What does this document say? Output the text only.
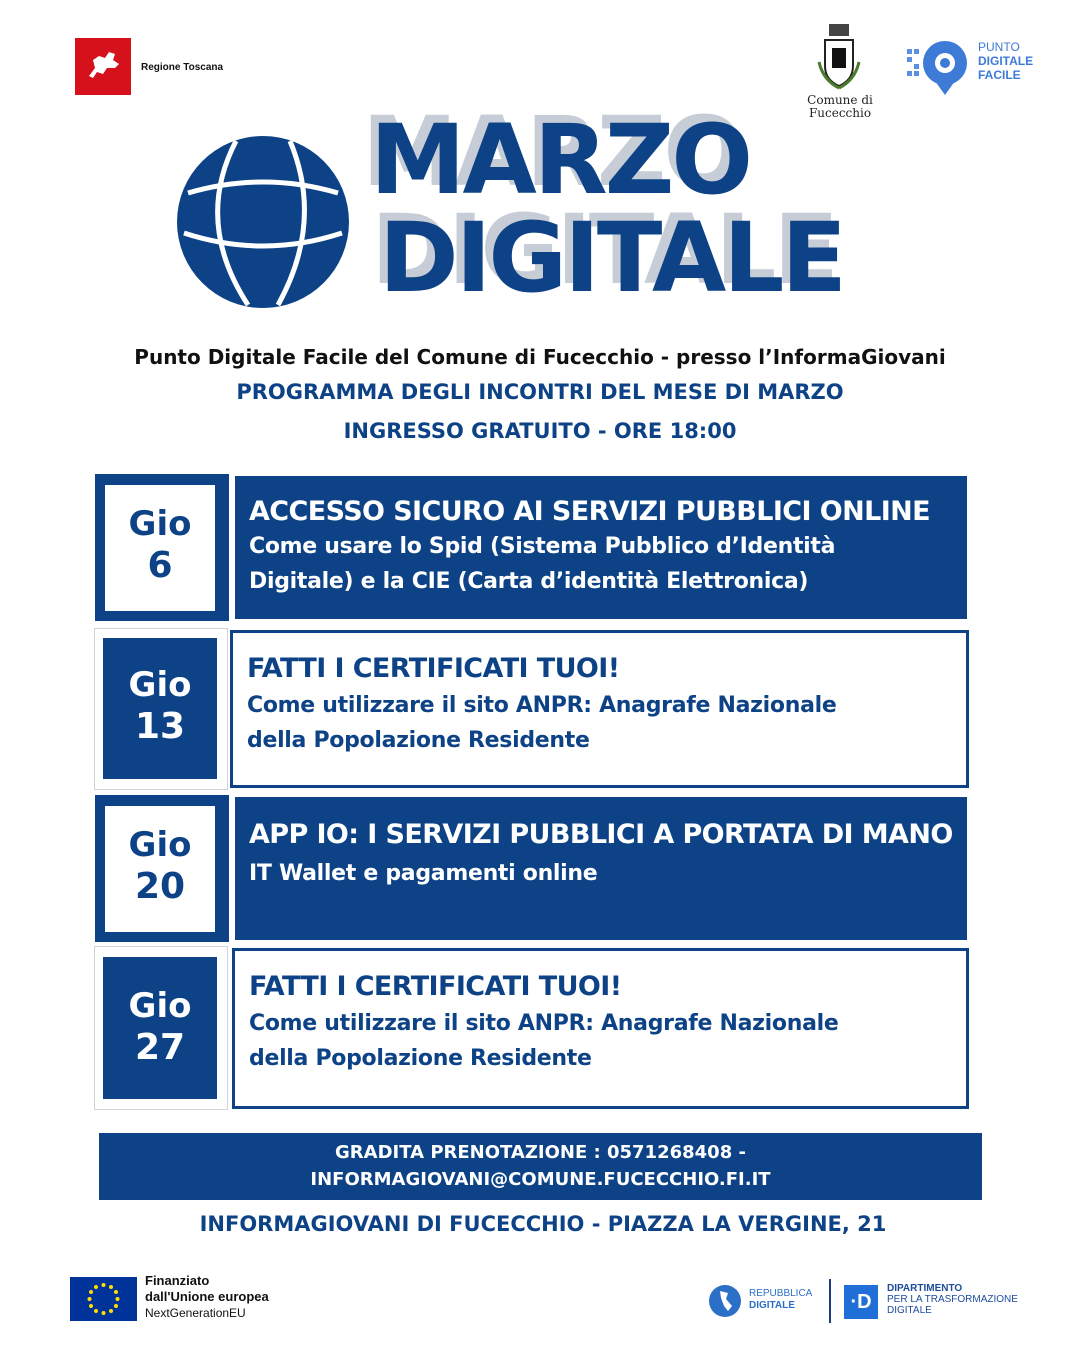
Regione Toscana
Comune di
Fucecchio
PUNTO
DIGITALE
FACILE
MARZO
DIGITALE
Punto Digitale Facile del Comune di Fucecchio - presso l’InformaGiovani
PROGRAMMA DEGLI INCONTRI DEL MESE DI MARZO
INGRESSO GRATUITO - ORE 18:00
Gio
6
ACCESSO SICURO AI SERVIZI PUBBLICI ONLINE
Come usare lo Spid (Sistema Pubblico d’Identità
Digitale) e la CIE (Carta d’identità Elettronica)
Gio
13
FATTI I CERTIFICATI TUOI!
Come utilizzare il sito ANPR: Anagrafe Nazionale
della Popolazione Residente
Gio
20
APP IO: I SERVIZI PUBBLICI A PORTATA DI MANO
IT Wallet e pagamenti online
Gio
27
FATTI I CERTIFICATI TUOI!
Come utilizzare il sito ANPR: Anagrafe Nazionale
della Popolazione Residente
GRADITA PRENOTAZIONE : 0571268408 -
INFORMAGIOVANI@COMUNE.FUCECCHIO.FI.IT
INFORMAGIOVANI DI FUCECCHIO - PIAZZA LA VERGINE, 21
Finanziato
dall'Unione europea
NextGenerationEU
REPUBBLICA
DIGITALE	·D
DIPARTIMENTO
PER LA TRASFORMAZIONE
DIGITALE
